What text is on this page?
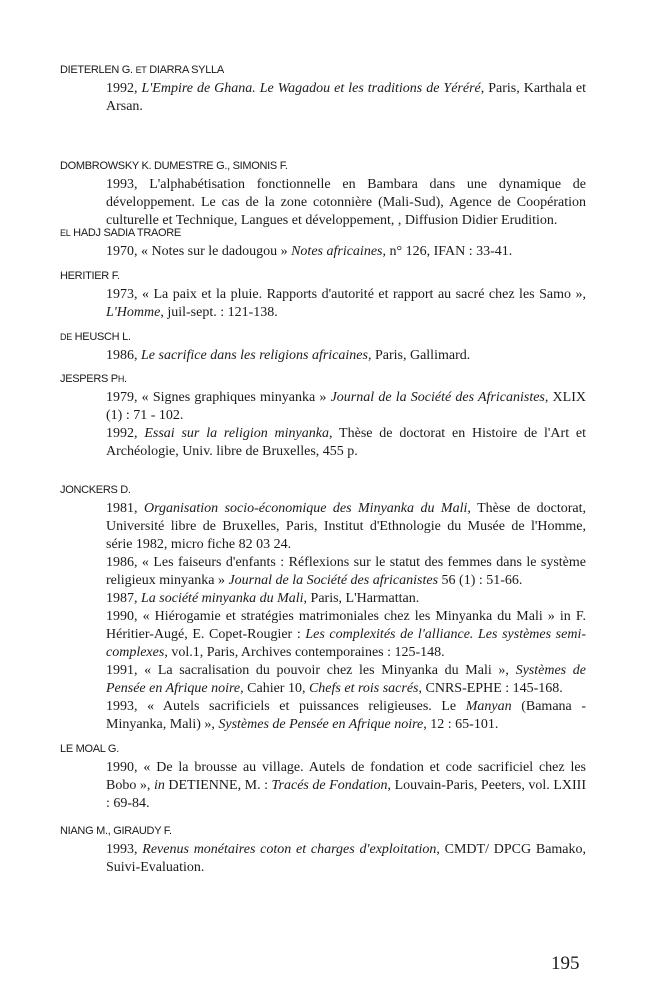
DIETERLEN G. ET DIARRA SYLLA

1992, L'Empire de Ghana. Le Wagadou et les traditions de Yéréré, Paris, Karthala et Arsan.

DOMBROWSKY K. DUMESTRE G., SIMONIS F.

1993, L'alphabétisation fonctionnelle en Bambara dans une dynamique de développement. Le cas de la zone cotonnière (Mali-Sud), Agence de Coopération culturelle et Technique, Langues et développement, , Diffusion Didier Erudition.

EL HADJ SADIA TRAORE

1970, « Notes sur le dadougou » Notes africaines, n° 126, IFAN : 33-41.

HERITIER F.

1973, « La paix et la pluie. Rapports d'autorité et rapport au sacré chez les Samo », L'Homme, juil-sept. : 121-138.

DE HEUSCH L.

1986, Le sacrifice dans les religions africaines, Paris, Gallimard.

JESPERS PH.

1979, « Signes graphiques minyanka » Journal de la Société des Africanistes, XLIX (1) : 71 - 102.

1992, Essai sur la religion minyanka, Thèse de doctorat en Histoire de l'Art et Archéologie, Univ. libre de Bruxelles, 455 p.

JONCKERS D.

1981, Organisation socio-économique des Minyanka du Mali, Thèse de doctorat, Université libre de Bruxelles, Paris, Institut d'Ethnologie du Musée de l'Homme, série 1982, micro fiche 82 03 24.

1986, « Les faiseurs d'enfants : Réflexions sur le statut des femmes dans le système religieux minyanka » Journal de la Société des africanistes 56 (1) : 51-66.

1987, La société minyanka du Mali, Paris, L'Harmattan.

1990, « Hiérogamie et stratégies matrimoniales chez les Minyanka du Mali » in F. Héritier-Augé, E. Copet-Rougier : Les complexités de l'alliance. Les systèmes semi-complexes, vol.1, Paris, Archives contemporaines : 125-148.

1991, « La sacralisation du pouvoir chez les Minyanka du Mali », Systèmes de Pensée en Afrique noire, Cahier 10, Chefs et rois sacrés, CNRS-EPHE : 145-168.

1993, « Autels sacrificiels et puissances religieuses. Le Manyan (Bamana - Minyanka, Mali) », Systèmes de Pensée en Afrique noire, 12 : 65-101.

LE MOAL G.

1990, « De la brousse au village. Autels de fondation et code sacrificiel chez les Bobo », in DETIENNE, M. : Tracés de Fondation, Louvain-Paris, Peeters, vol. LXIII : 69-84.

NIANG M., GIRAUDY F.

1993, Revenus monétaires coton et charges d'exploitation, CMDT/ DPCG Bamako, Suivi-Evaluation.

195
